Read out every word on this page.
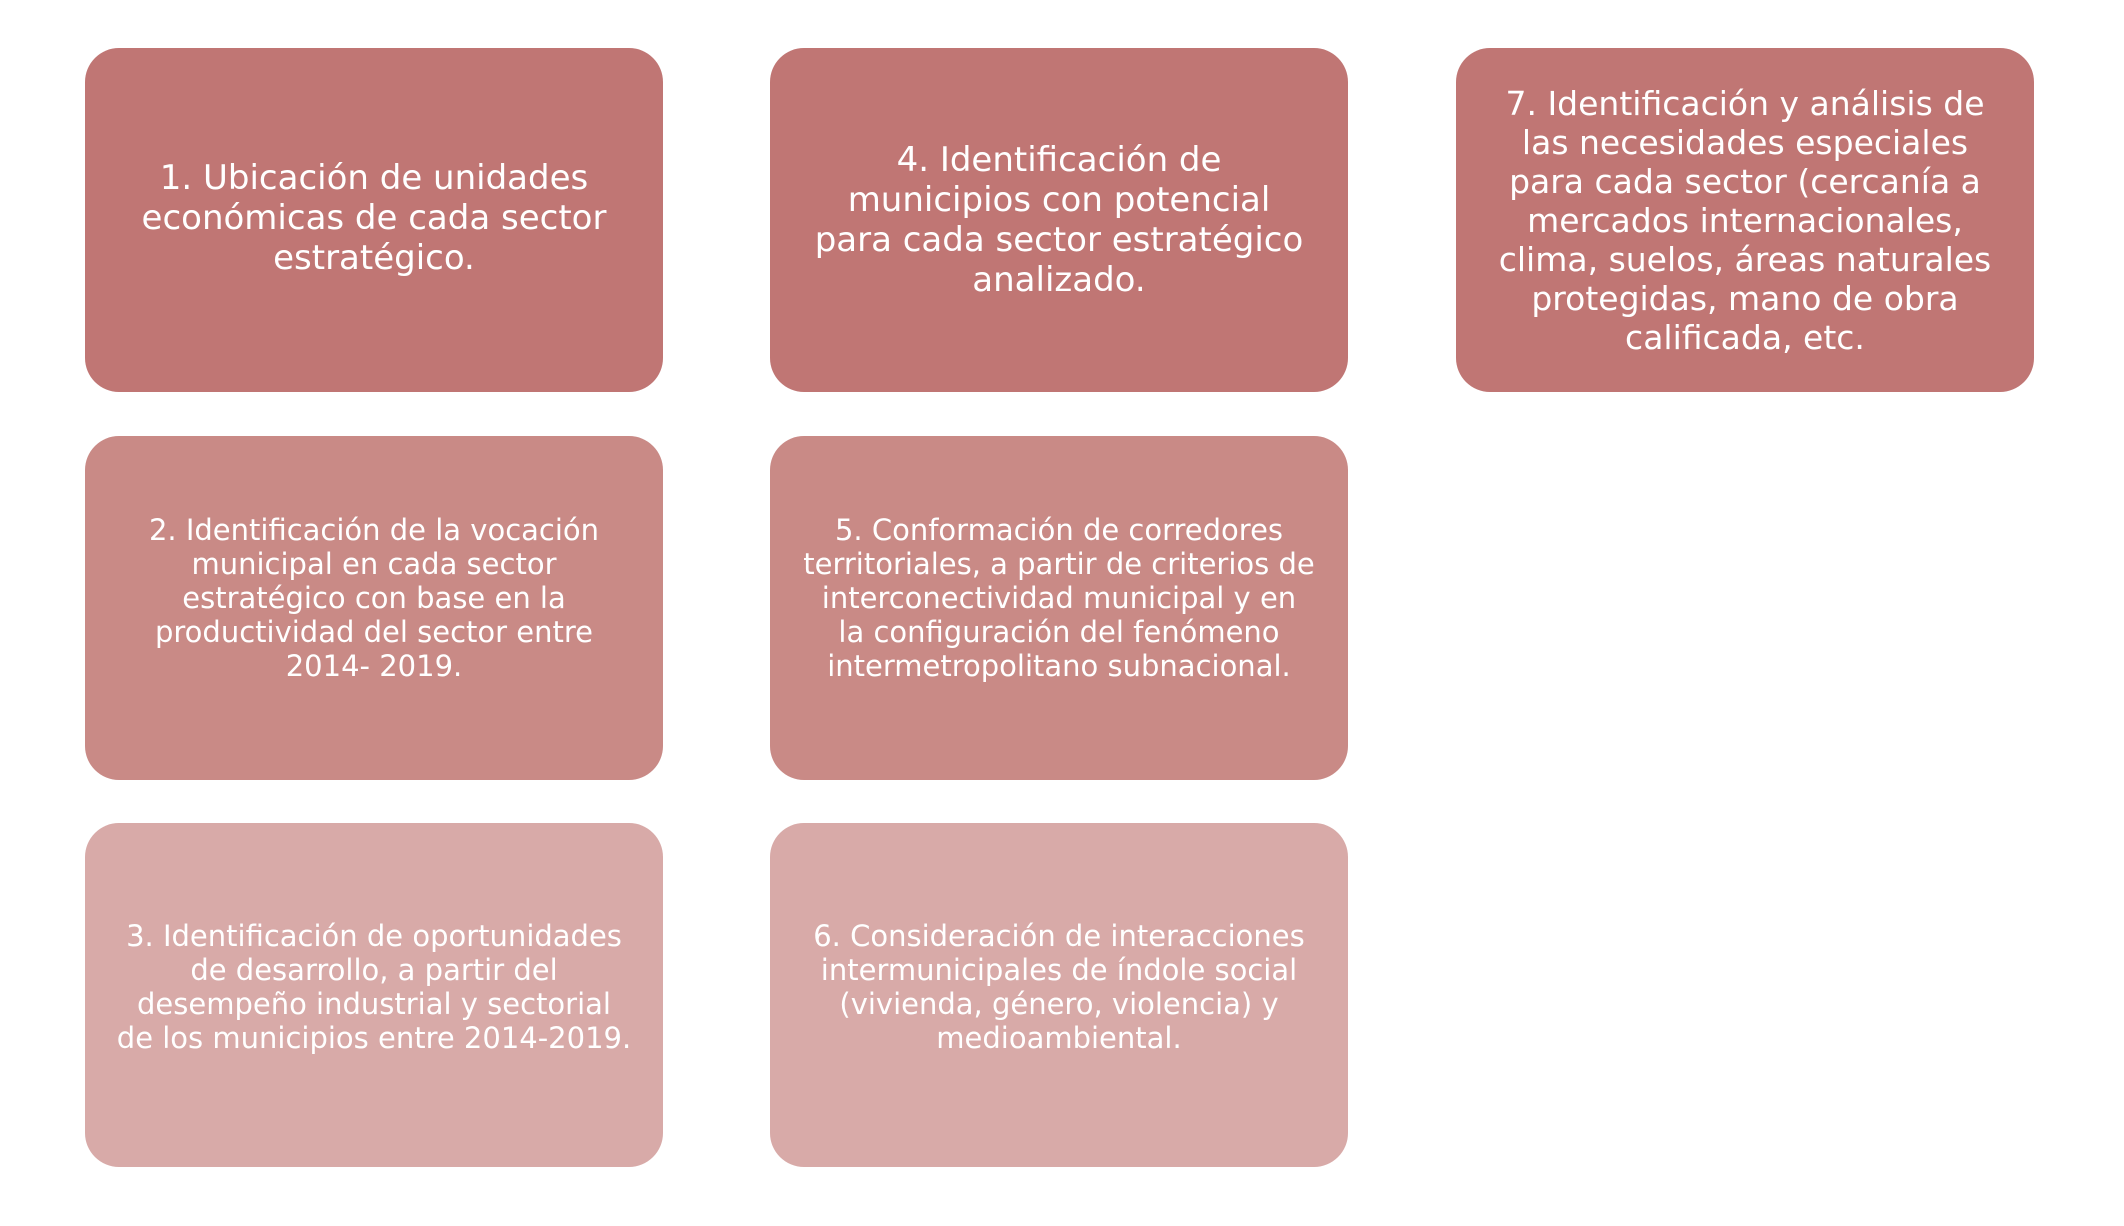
1. Ubicación de unidades
económicas de cada sector
estratégico.
4. Identificación de
municipios con potencial
para cada sector estratégico
analizado.
7. Identificación y análisis de
las necesidades especiales
para cada sector (cercanía a
mercados internacionales,
clima, suelos, áreas naturales
protegidas, mano de obra
calificada, etc.
2. Identificación de la vocación
municipal en cada sector
estratégico con base en la
productividad del sector entre
2014- 2019.
5. Conformación de corredores
territoriales, a partir de criterios de
interconectividad municipal y en
la configuración del fenómeno
intermetropolitano subnacional.
3. Identificación de oportunidades
de desarrollo, a partir del
desempeño industrial y sectorial
de los municipios entre 2014-2019.
6. Consideración de interacciones
intermunicipales de índole social
(vivienda, género, violencia) y
medioambiental.
